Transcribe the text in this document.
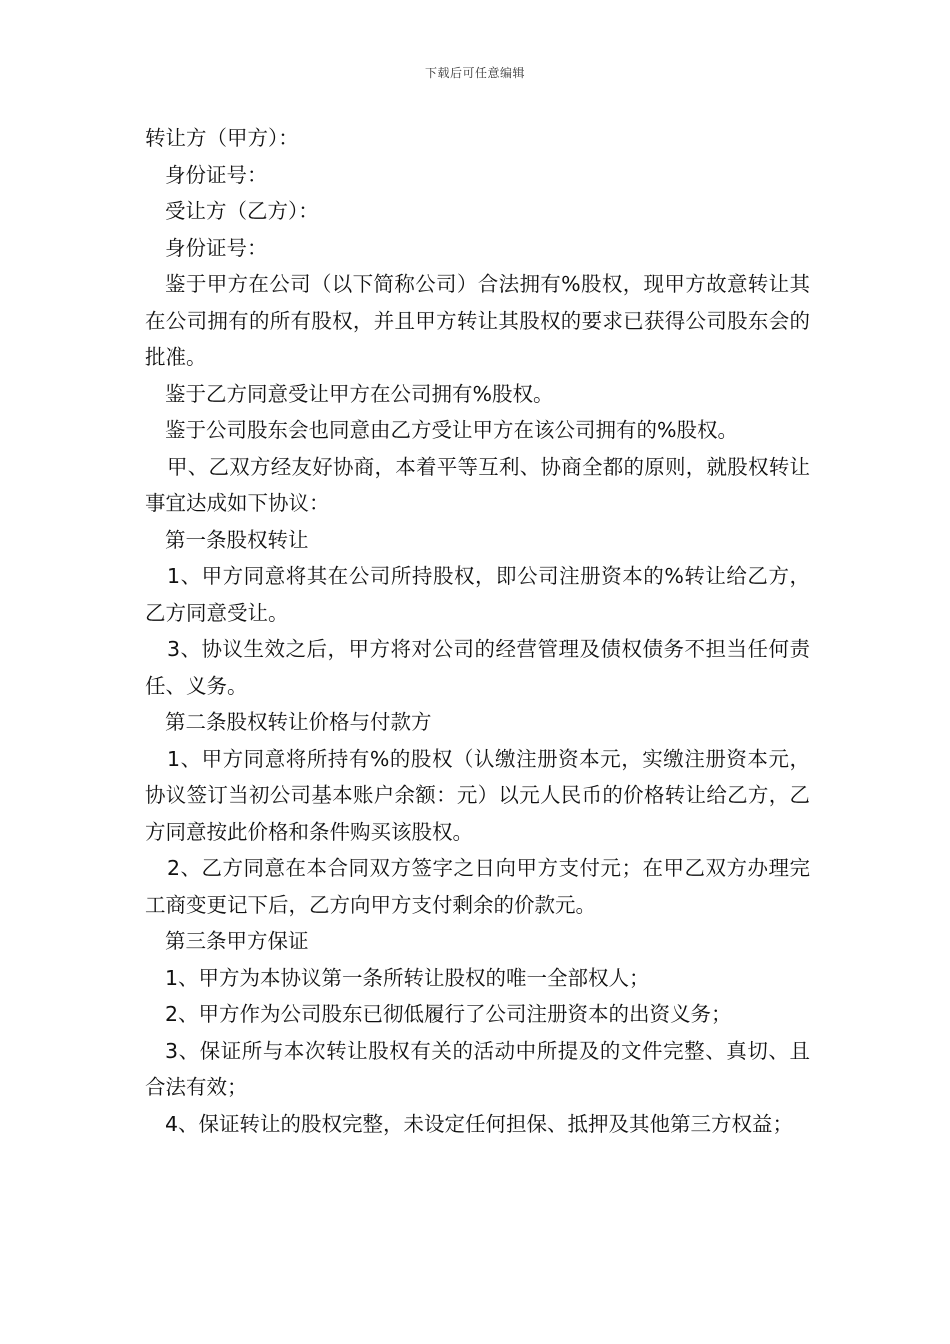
下载后可任意编辑

转让方（甲方）：

身份证号：

受让方（乙方）：

身份证号：

鉴于甲方在公司（以下简称公司）合法拥有%股权，现甲方故意转让其在公司拥有的所有股权，并且甲方转让其股权的要求已获得公司股东会的批准。

鉴于乙方同意受让甲方在公司拥有%股权。

鉴于公司股东会也同意由乙方受让甲方在该公司拥有的%股权。

甲、乙双方经友好协商，本着平等互利、协商全都的原则，就股权转让事宜达成如下协议：

第一条股权转让

1、甲方同意将其在公司所持股权，即公司注册资本的%转让给乙方，乙方同意受让。

3、协议生效之后，甲方将对公司的经营管理及债权债务不担当任何责任、义务。

第二条股权转让价格与付款方

1、甲方同意将所持有%的股权（认缴注册资本元，实缴注册资本元，协议签订当初公司基本账户余额：元）以元人民币的价格转让给乙方，乙方同意按此价格和条件购买该股权。

2、乙方同意在本合同双方签字之日向甲方支付元；在甲乙双方办理完工商变更记下后，乙方向甲方支付剩余的价款元。

第三条甲方保证

1、甲方为本协议第一条所转让股权的唯一全部权人；

2、甲方作为公司股东已彻低履行了公司注册资本的出资义务；

3、保证所与本次转让股权有关的活动中所提及的文件完整、真切、且合法有效；

4、保证转让的股权完整，未设定任何担保、抵押及其他第三方权益；
